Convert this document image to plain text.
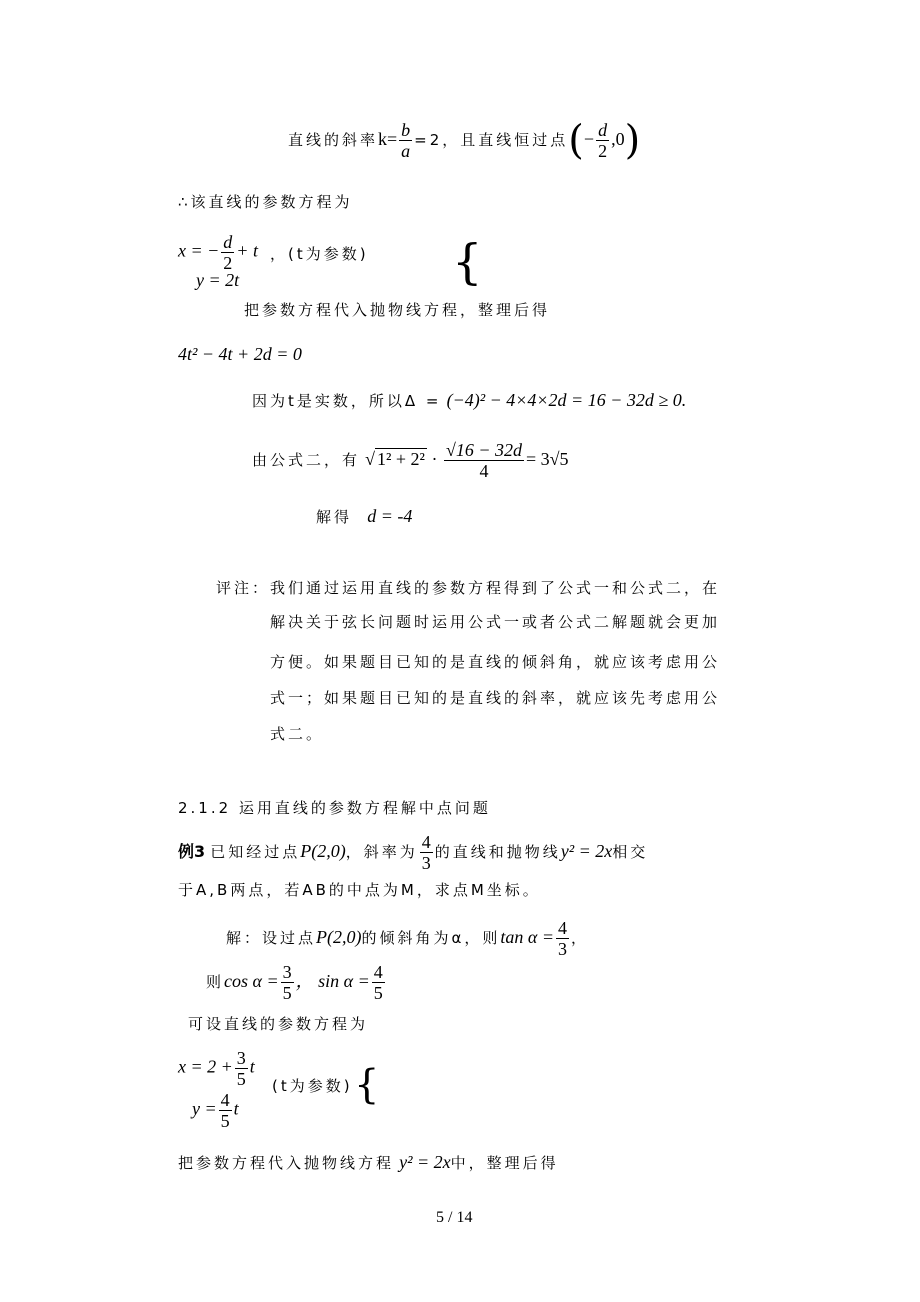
直线的斜率$k= \frac{b}{a} =2$，且直线恒过点(− $\frac{d}{2} ,0$)
∴该直线的参数方程为
x = − $\frac{d}{2} + t$ ，(t为参数)
y = 2t	{
把参数方程代入抛物线方程，整理后得
4t² − 4t + 2d = 0
因为t是实数，所以Δ = (−4)² − 4×4×2d = 16 − 32d ≥ 0.
由公式二，有 √ $1^2 + 2^2 \cdot \frac{√16 - 32d}{4} = 3√5$
解得 d = -4
评注：我们通过运用直线的参数方程得到了公式一和公式二，在
解决关于弦长问题时运用公式一或者公式二解题就会更加
方便。如果题目已知的是直线的倾斜角，就应该考虑用公
式一；如果题目已知的是直线的斜率，就应该先考虑用公
式二。
2.1.2 运用直线的参数方程解中点问题
例3 已知经过点P(2,0)，斜率为 $\frac{4}{3}$ 的直线和抛物线y² = 2x相交
于A,B两点，若AB的中点为M，求点M坐标。
解：设过点P(2,0)的倾斜角为α，则$\tan \alpha = \frac{4}{3}$ ，
则$\cos \alpha = \frac{3}{5}$ ， $\sin \alpha = \frac{4}{5}$
可设直线的参数方程为
$x = 2 + \frac{3}{5}$ t
(t为参数) {
$y = \frac{4}{5}$ t
把参数方程代入抛物线方程 y² = 2x中，整理后得
5 / 14
